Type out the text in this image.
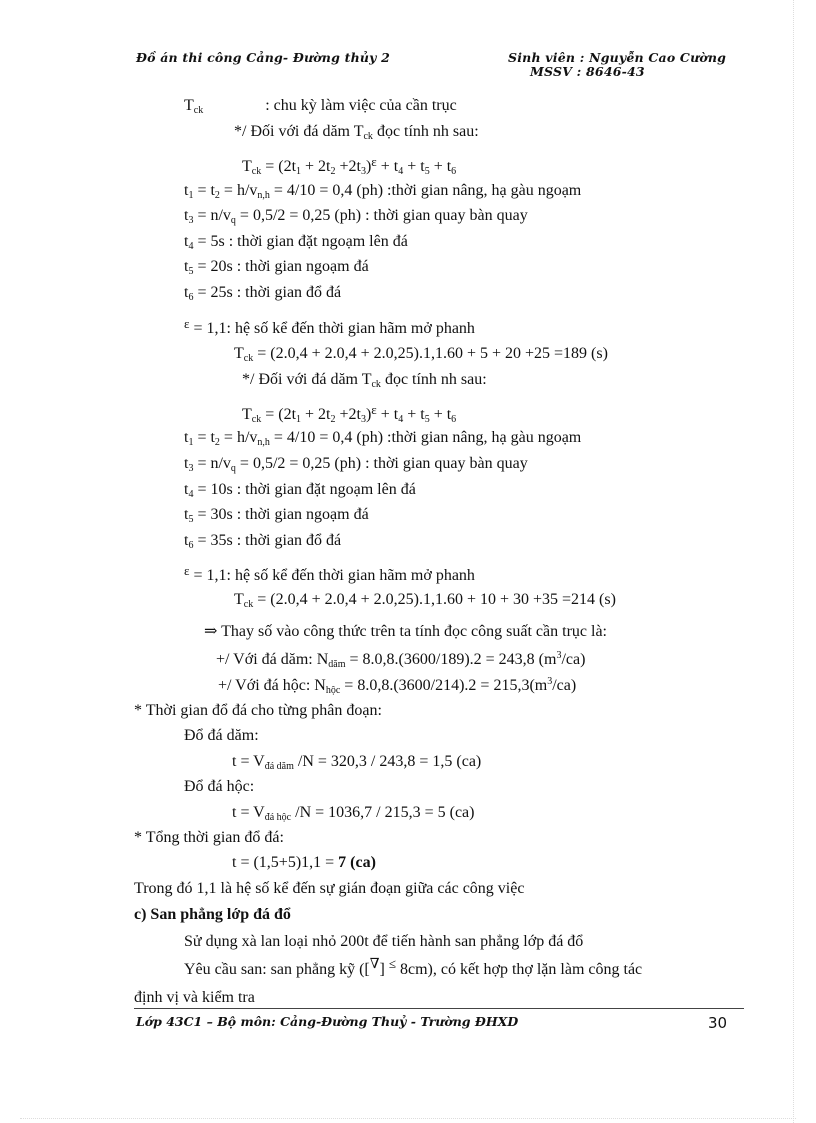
Đồ án thi công Cảng- Đường thủy 2	Sinh viên : Nguyễn Cao Cường
MSSV : 8646-43
$T_{ck}$	: chu kỳ làm việc của cần trục
*/ Đối với đá dăm $T_{ck}$ đọc tính nh sau:
$T_{ck} = (2t_1 + 2t_2 +2t_3)^\varepsilon + t_4 + t_5 + t_6$
$t_1 = t_2 = h/v_{n,h} = 4/10 = 0,4$ (ph) :thời gian nâng, hạ gàu ngoạm
$t_3 = n/v_q = 0,5/2 = 0,25$ (ph) : thời gian quay bàn quay
$t_4 = 5s$ : thời gian đặt ngoạm lên đá
$t_5 = 20s$ : thời gian ngoạm đá
$t_6 = 25s$ : thời gian đổ đá
$^\varepsilon$ = 1,1: hệ số kể đến thời gian hãm mở phanh
$T_{ck} = (2.0,4 + 2.0,4 + 2.0,25).1,1.60 + 5 + 20 +25 =189$ (s)
*/ Đối với đá dăm $T_{ck}$ đọc tính nh sau:
$T_{ck} = (2t_1 + 2t_2 +2t_3)^\varepsilon + t_4 + t_5 + t_6$
$t_1 = t_2 = h/v_{n,h} = 4/10 = 0,4$ (ph) :thời gian nâng, hạ gàu ngoạm
$t_3 = n/v_q = 0,5/2 = 0,25$ (ph) : thời gian quay bàn quay
$t_4 = 10s$ : thời gian đặt ngoạm lên đá
$t_5 = 30s$ : thời gian ngoạm đá
$t_6 = 35s$ : thời gian đổ đá
$^\varepsilon$ = 1,1: hệ số kể đến thời gian hãm mở phanh
$T_{ck} = (2.0,4 + 2.0,4 + 2.0,25).1,1.60 + 10 + 30 +35 =214$ (s)
⇒ Thay số vào công thức trên ta tính đọc công suất cần trục là:
+/ Với đá dăm: $N_{dăm} = 8.0,8.(3600/189).2 = 243,8$ $(m^3/ca)$
+/ Với đá hộc: $N_{hộc} = 8.0,8.(3600/214).2 = 215,3(m^3/ca)$
* Thời gian đổ đá cho từng phân đoạn:
Đổ đá dăm:
$t = V_{đá dăm}$ /N = 320,3 / 243,8 = 1,5 (ca)
Đổ đá hộc:
$t = V_{đá hộc}$ /N = 1036,7 / 215,3 = 5 (ca)
* Tổng thời gian đổ đá:
t = (1,5+5)1,1 = 7 (ca)
Trong đó 1,1 là hệ số kể đến sự gián đoạn giữa các công việc
c) San phẳng lớp đá đổ
Sử dụng xà lan loại nhỏ 200t để tiến hành san phẳng lớp đá đổ
Yêu cầu san: san phẳng kỹ ([∇] ≤ 8cm), có kết hợp thợ lặn làm công tác
định vị và kiểm tra
Lớp 43C1 – Bộ môn: Cảng-Đường Thuỷ - Trường ĐHXD	30
